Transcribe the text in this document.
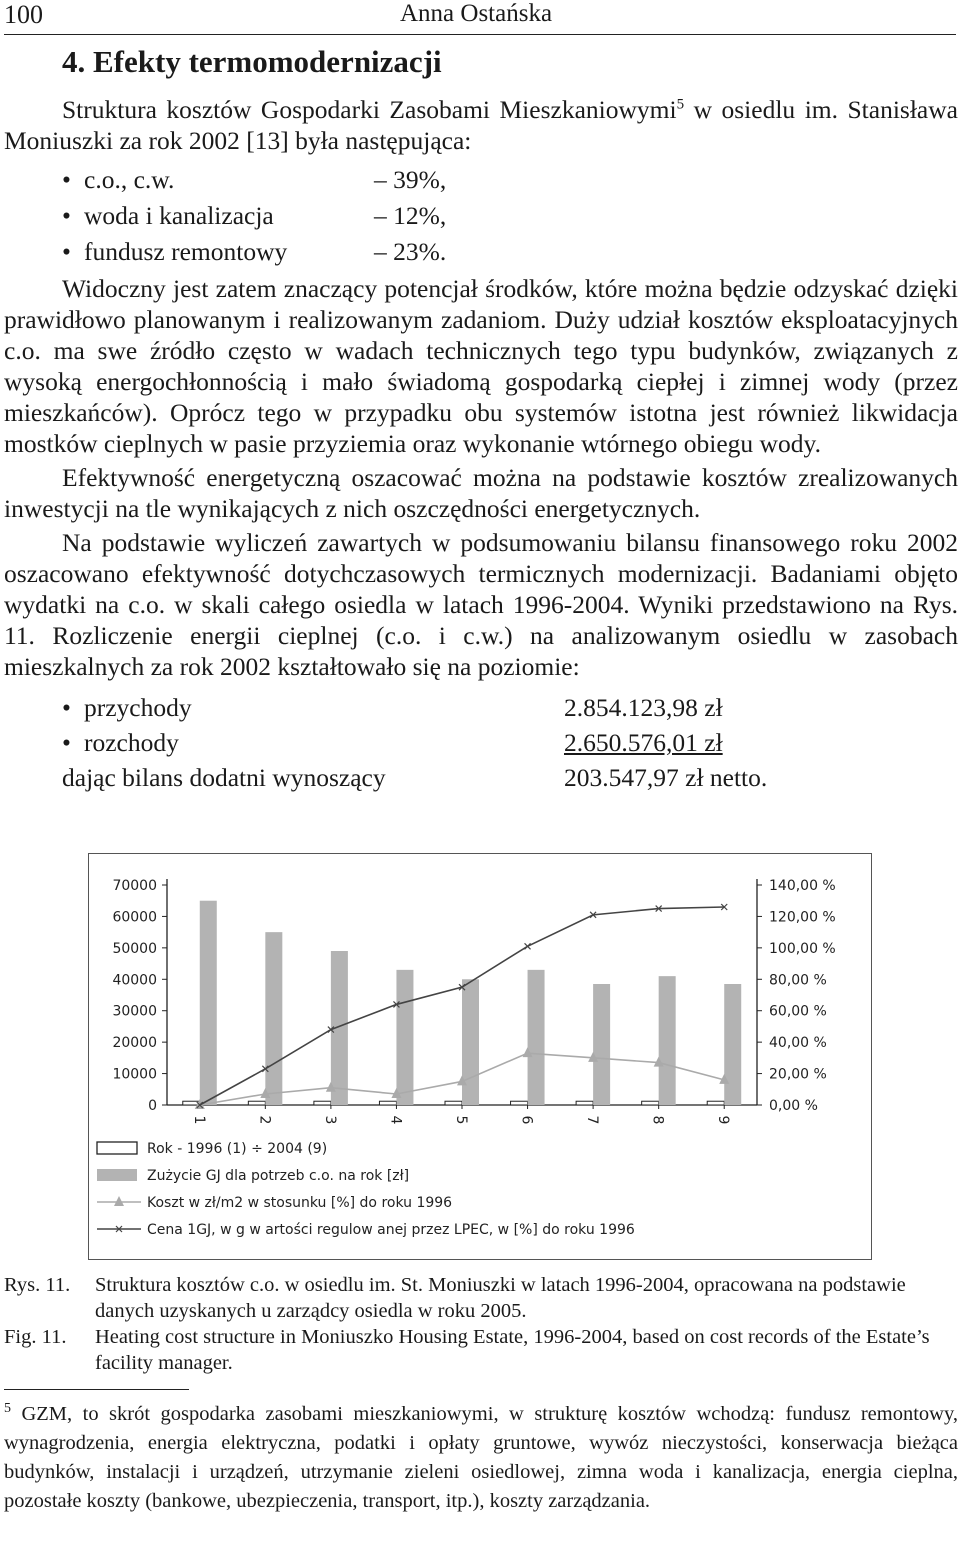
100	Anna Ostańska
4. Efekty termomodernizacji

Struktura kosztów Gospodarki Zasobami Mieszkaniowymi$^5$ w osiedlu im. Stanisława Moniuszki za rok 2002 [13] była następująca:

• c.o., c.w.	– 39%,
• woda i kanalizacja	– 12%,
• fundusz remontowy	– 23%.

Widoczny jest zatem znaczący potencjał środków, które można będzie odzyskać dzięki prawidłowo planowanym i realizowanym zadaniom. Duży udział kosztów eksploatacyjnych c.o. ma swe źródło często w wadach technicznych tego typu budynków, związanych z wysoką energochłonnością i mało świadomą gospodarką ciepłej i zimnej wody (przez mieszkańców). Oprócz tego w przypadku obu systemów istotna jest również likwidacja mostków cieplnych w pasie przyziemia oraz wykonanie wtórnego obiegu wody.

Efektywność energetyczną oszacować można na podstawie kosztów zrealizowanych inwestycji na tle wynikających z nich oszczędności energetycznych.

Na podstawie wyliczeń zawartych w podsumowaniu bilansu finansowego roku 2002 oszacowano efektywność dotychczasowych termicznych modernizacji. Badaniami objęto wydatki na c.o. w skali całego osiedla w latach 1996-2004. Wyniki przedstawiono na Rys. 11. Rozliczenie energii cieplnej (c.o. i c.w.) na analizowanym osiedlu w zasobach mieszkalnych za rok 2002 kształtowało się na poziomie:

• przychody	2.854.123,98 zł
• rozchody	2.650.576,01 zł
dając bilans dodatni wynoszący	203.547,97 zł netto.
0
10000
20000
30000
40000
50000
60000
70000
0,00 %
20,00 %
40,00 %
60,00 %
80,00 %
100,00 %
120,00 %
140,00 %
1	2	3	4	5	6	7	8	9
Rok - 1996 (1) ÷ 2004 (9)
Zużycie GJ dla potrzeb c.o. na rok [zł]
Koszt w zł/m2 w stosunku [%] do roku 1996
Cena 1GJ, w g w artości regulow anej przez LPEC, w [%] do roku 1996
Rys. 11.	Struktura kosztów c.o. w osiedlu im. St. Moniuszki w latach 1996-2004, opracowana na podstawie danych uzyskanych u zarządcy osiedla w roku 2005.
Fig. 11.	Heating cost structure in Moniuszko Housing Estate, 1996-2004, based on cost records of the Estate’s facility manager.
$^5$ GZM, to skrót gospodarka zasobami mieszkaniowymi, w strukturę kosztów wchodzą: fundusz remontowy, wynagrodzenia, energia elektryczna, podatki i opłaty gruntowe, wywóz nieczystości, konserwacja bieżąca budynków, instalacji i urządzeń, utrzymanie zieleni osiedlowej, zimna woda i kanalizacja, energia cieplna, pozostałe koszty (bankowe, ubezpieczenia, transport, itp.), koszty zarządzania.
